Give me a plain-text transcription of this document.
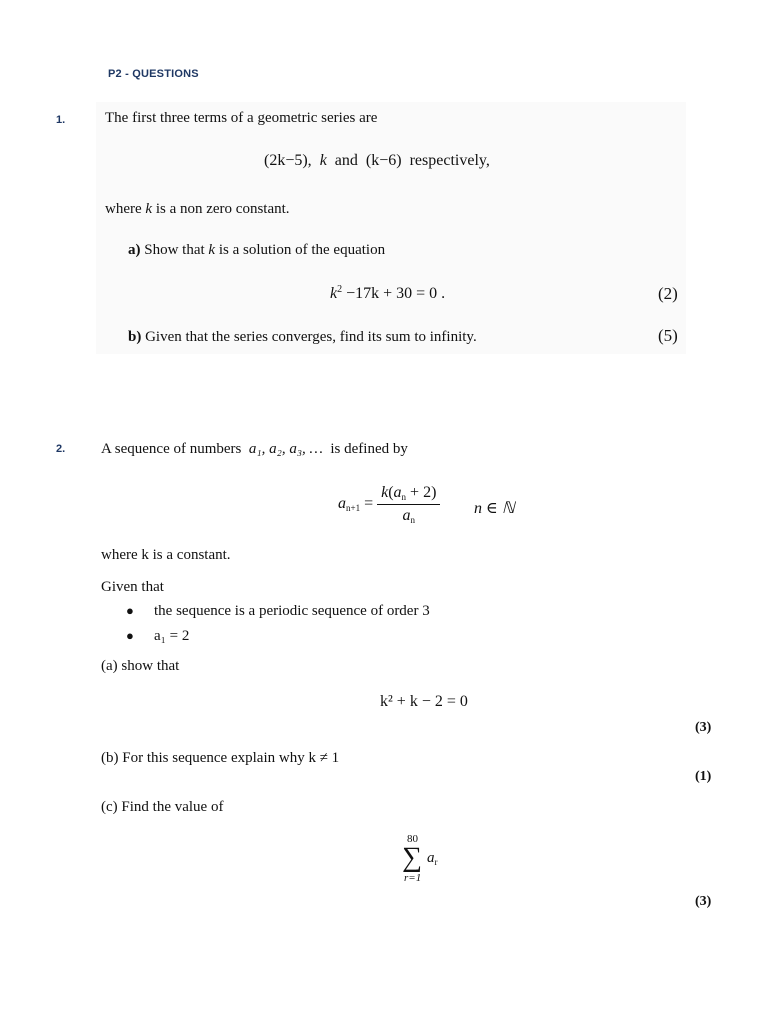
P2 - QUESTIONS
1.	The first three terms of a geometric series are
(2k−5), k and (k−6) respectively,
where k is a non zero constant.
a) Show that k is a solution of the equation
$k^2 -17k + 30 = 0$ .	(2)
b) Given that the series converges, find its sum to infinity.	(5)
2. A sequence of numbers a₁, a₂, a₃, … is defined by
$a_{n+1} = \frac{k(a_n + 2)}{a_n}$ n ∈ ℕ
where k is a constant.
Given that
● the sequence is a periodic sequence of order 3
● a₁ = 2
(a) show that
k² + k − 2 = 0
(3)
(b) For this sequence explain why k ≠ 1
(1)
(c) Find the value of
80
∑ $a_r$
r=1
(3)
